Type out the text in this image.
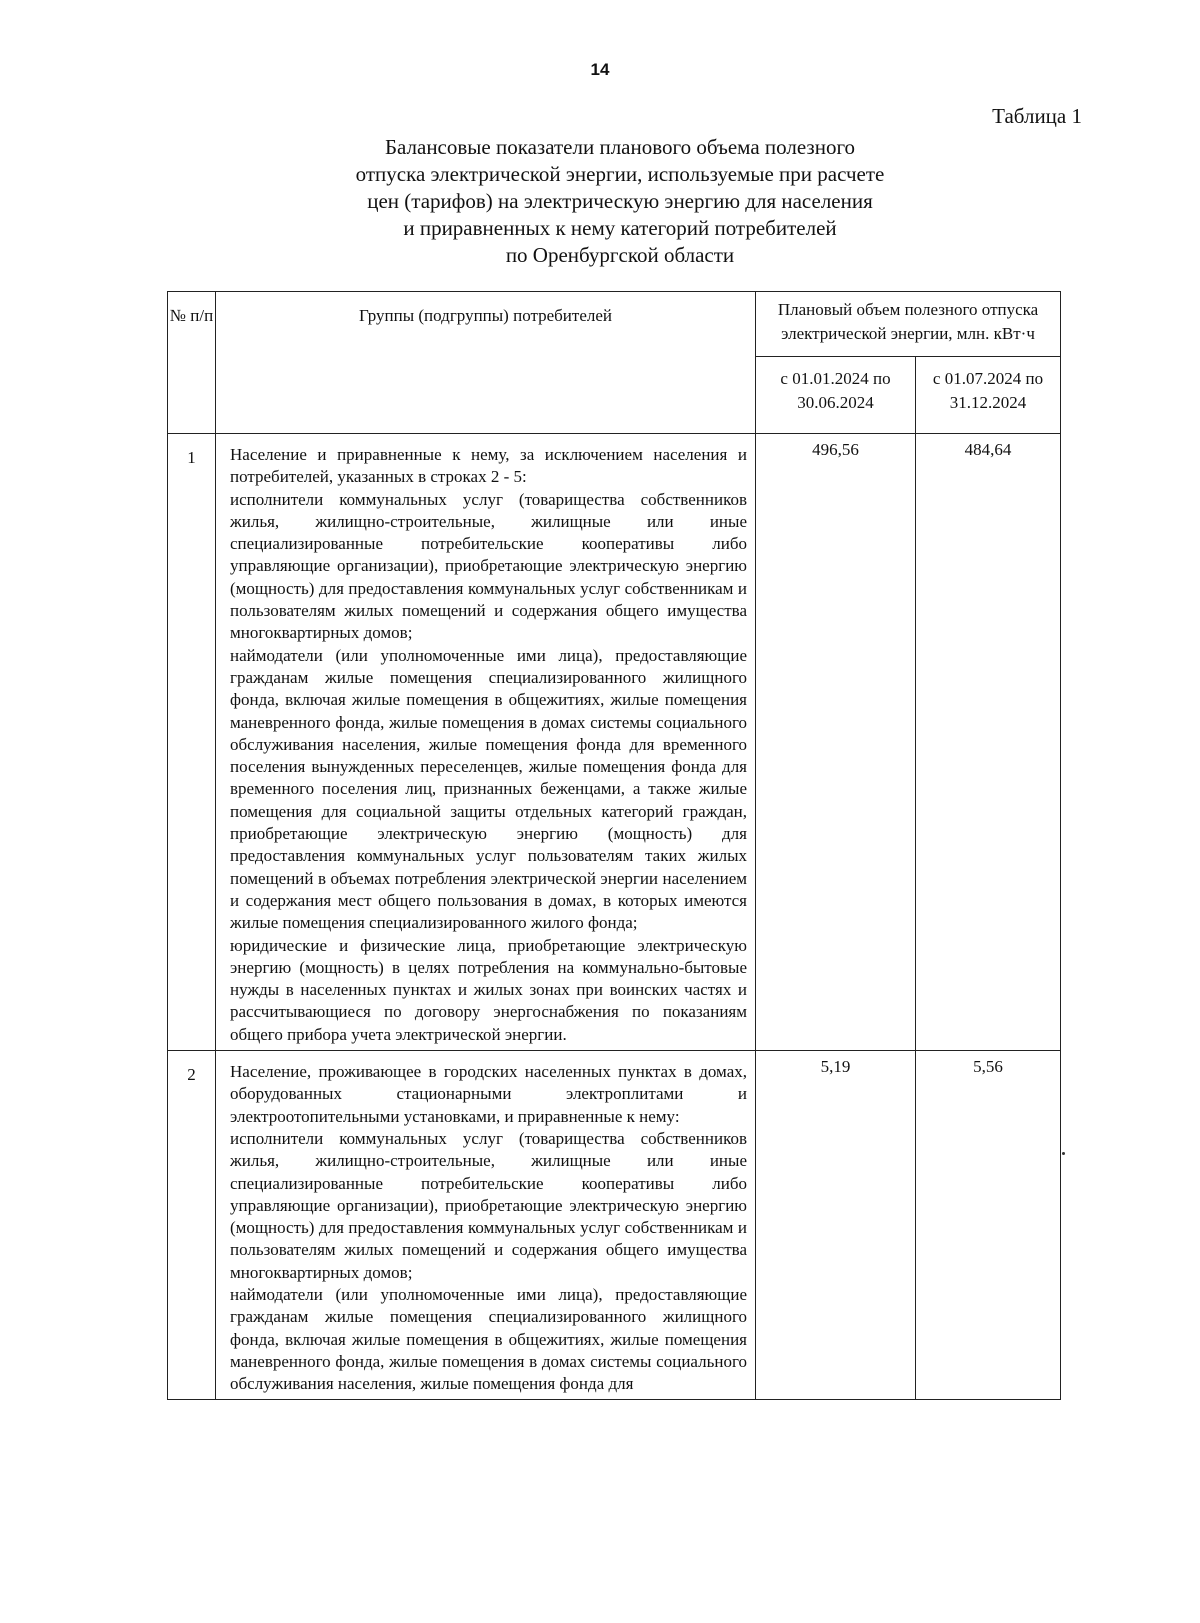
14
Таблица 1
Балансовые показатели планового объема полезного
отпуска электрической энергии, используемые при расчете
цен (тарифов) на электрическую энергию для населения
и приравненных к нему категорий потребителей
по Оренбургской области
№ п/п	Группы (подгруппы) потребителей	Плановый объем полезного отпуска электрической энергии, млн. кВт·ч	
		с 01.01.2024 по 30.06.2024	с 01.07.2024 по 31.12.2024
1	Население и приравненные к нему, за исключением населения и потребителей, указанных в строках 2 - 5:

исполнители коммунальных услуг (товарищества собственников жилья, жилищно-строительные, жилищные или иные специализированные потребительские кооперативы либо управляющие организации), приобретающие электрическую энергию (мощность) для предоставления коммунальных услуг собственникам и пользователям жилых помещений и содержания общего имущества многоквартирных домов;

наймодатели (или уполномоченные ими лица), предоставляющие гражданам жилые помещения специализированного жилищного фонда, включая жилые помещения в общежитиях, жилые помещения маневренного фонда, жилые помещения в домах системы социального обслуживания населения, жилые помещения фонда для временного поселения вынужденных переселенцев, жилые помещения фонда для временного поселения лиц, признанных беженцами, а также жилые помещения для социальной защиты отдельных категорий граждан, приобретающие электрическую энергию (мощность) для предоставления коммунальных услуг пользователям таких жилых помещений в объемах потребления электрической энергии населением и содержания мест общего пользования в домах, в которых имеются жилые помещения специализированного жилого фонда;

юридические и физические лица, приобретающие электрическую энергию (мощность) в целях потребления на коммунально-бытовые нужды в населенных пунктах и жилых зонах при воинских частях и рассчитывающиеся по договору энергоснабжения по показаниям общего прибора учета электрической энергии.	496,56	484,64
2	Население, проживающее в городских населенных пунктах в домах, оборудованных стационарными электроплитами и электроотопительными установками, и приравненные к нему:

исполнители коммунальных услуг (товарищества собственников жилья, жилищно-строительные, жилищные или иные специализированные потребительские кооперативы либо управляющие организации), приобретающие электрическую энергию (мощность) для предоставления коммунальных услуг собственникам и пользователям жилых помещений и содержания общего имущества многоквартирных домов;

наймодатели (или уполномоченные ими лица), предоставляющие гражданам жилые помещения специализированного жилищного фонда, включая жилые помещения в общежитиях, жилые помещения маневренного фонда, жилые помещения в домах системы социального обслуживания населения, жилые помещения фонда для	5,19	5,56
